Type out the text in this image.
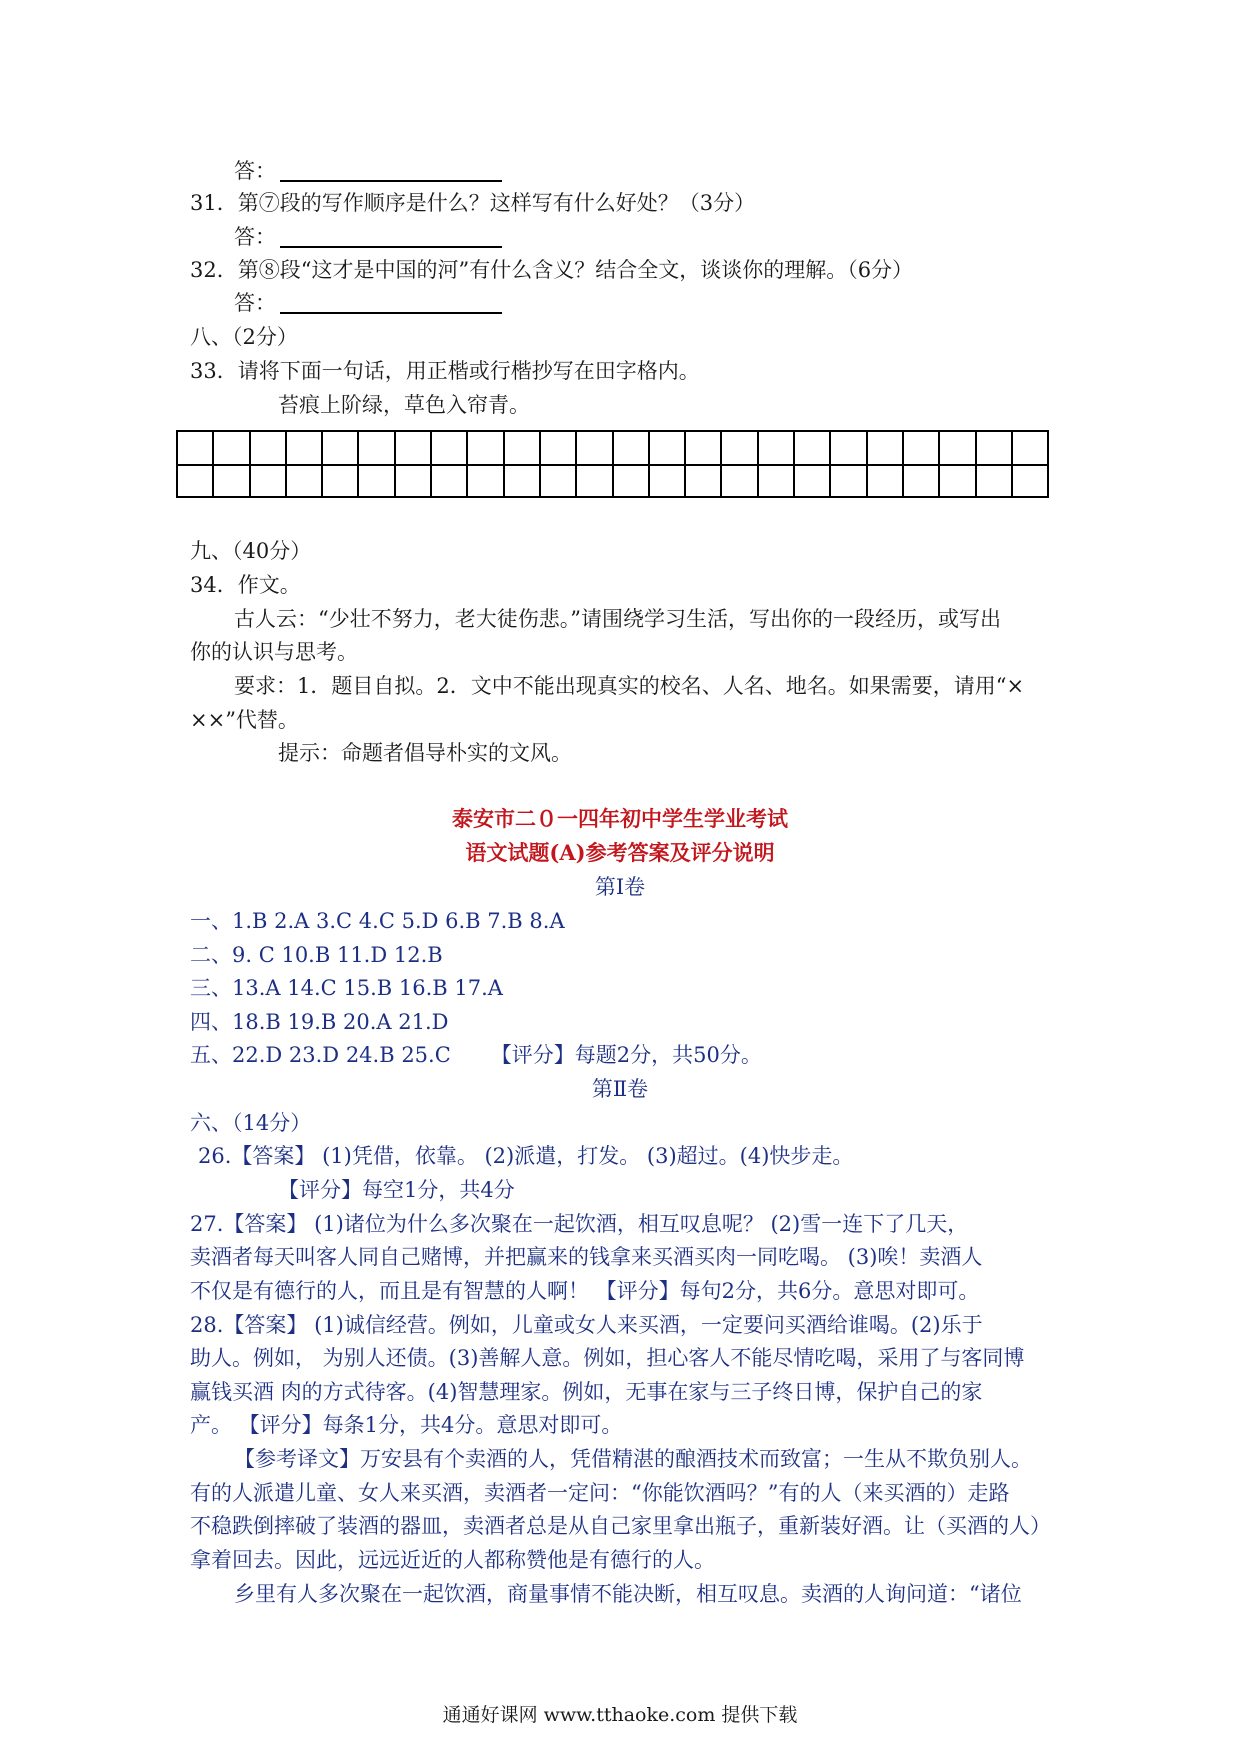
答：
31．第⑦段的写作顺序是什么？这样写有什么好处？（3分）
答：
32．第⑧段“这才是中国的河”有什么含义？结合全文，谈谈你的理解。（6分）
答：
八、（2分）
33．请将下面一句话，用正楷或行楷抄写在田字格内。
苔痕上阶绿，草色入帘青。
九、（40分）
34．作文。
古人云：“少壮不努力，老大徒伤悲。”请围绕学习生活，写出你的一段经历，或写出
你的认识与思考。
要求：1．题目自拟。2．文中不能出现真实的校名、人名、地名。如果需要，请用“×
××”代替。
提示：命题者倡导朴实的文风。
泰安市二０一四年初中学生学业考试
语文试题(A)参考答案及评分说明
第Ⅰ卷
一、1.B 2.A 3.C 4.C 5.D 6.B 7.B 8.A
二、9. C 10.B 11.D 12.B
三、13.A 14.C 15.B 16.B 17.A
四、18.B 19.B 20.A 21.D
五、22.D 23.D 24.B 25.C 【评分】每题2分，共50分。
第Ⅱ卷
六、（14分）
26.【答案】 (1)凭借，依靠。 (2)派遣，打发。 (3)超过。(4)快步走。
【评分】每空1分，共4分
27.【答案】 (1)诸位为什么多次聚在一起饮酒，相互叹息呢？ (2)雪一连下了几天，
卖酒者每天叫客人同自己赌博，并把赢来的钱拿来买酒买肉一同吃喝。 (3)唉！卖酒人
不仅是有德行的人，而且是有智慧的人啊！ 【评分】每句2分，共6分。意思对即可。
28.【答案】 (1)诚信经营。例如，儿童或女人来买酒，一定要问买酒给谁喝。(2)乐于
助人。例如， 为别人还债。(3)善解人意。例如，担心客人不能尽情吃喝，采用了与客同博
赢钱买酒 肉的方式待客。(4)智慧理家。例如，无事在家与三子终日博，保护自己的家
产。 【评分】每条1分，共4分。意思对即可。
【参考译文】万安县有个卖酒的人，凭借精湛的酿酒技术而致富；一生从不欺负别人。
有的人派遣儿童、女人来买酒，卖酒者一定问：“你能饮酒吗？”有的人（来买酒的）走路
不稳跌倒摔破了装酒的器皿，卖酒者总是从自己家里拿出瓶子，重新装好酒。让（买酒的人）
拿着回去。因此，远远近近的人都称赞他是有德行的人。
乡里有人多次聚在一起饮酒，商量事情不能决断，相互叹息。卖酒的人询问道：“诸位
通通好课网 www.tthaoke.com 提供下载
